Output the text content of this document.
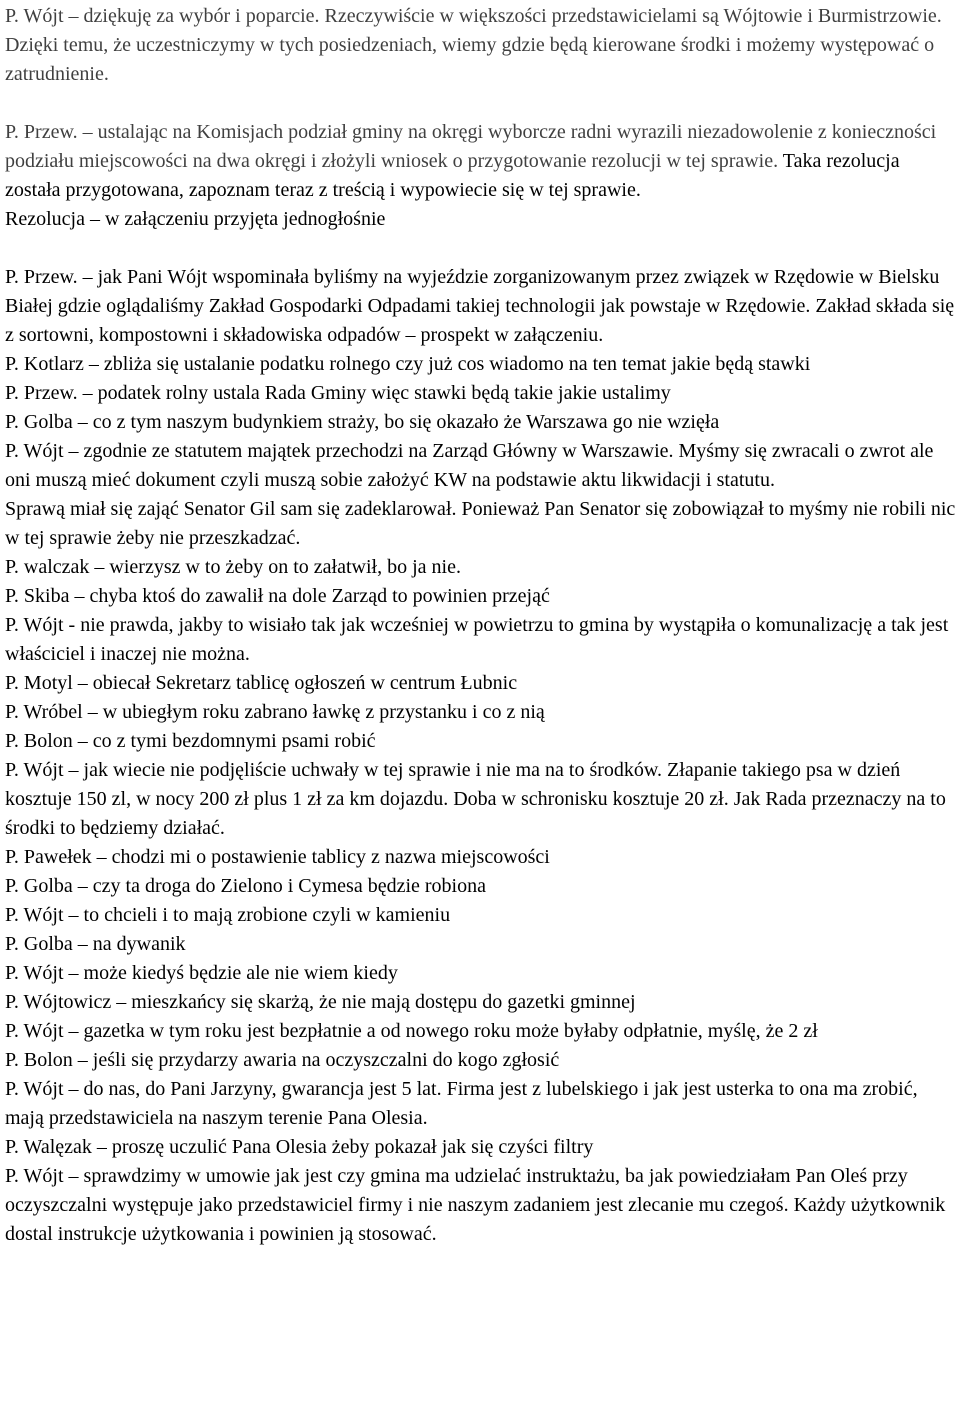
P. Wójt – dziękuję za wybór i poparcie. Rzeczywiście w większości przedstawicielami są Wójtowie i Burmistrzowie. Dzięki temu, że uczestniczymy w tych posiedzeniach, wiemy gdzie będą kierowane środki i możemy występować o zatrudnienie.

P. Przew. – ustalając na Komisjach podział gminy na okręgi wyborcze radni wyrazili niezadowolenie z konieczności podziału miejscowości na dwa okręgi i złożyli wniosek o przygotowanie rezolucji w tej sprawie. Taka rezolucja została przygotowana, zapoznam teraz z treścią i wypowiecie się w tej sprawie.

Rezolucja – w załączeniu przyjęta jednogłośnie

P. Przew. – jak Pani Wójt wspominała byliśmy na wyjeździe zorganizowanym przez związek w Rzędowie w Bielsku Białej gdzie oglądaliśmy Zakład Gospodarki Odpadami takiej technologii jak powstaje w Rzędowie. Zakład składa się z sortowni, kompostowni i składowiska odpadów – prospekt w załączeniu.

P. Kotlarz – zbliża się ustalanie podatku rolnego czy już cos wiadomo na ten temat jakie będą stawki

P. Przew. – podatek rolny ustala Rada Gminy więc stawki będą takie jakie ustalimy

P. Golba – co z tym naszym budynkiem straży, bo się okazało że Warszawa go nie wzięła

P. Wójt – zgodnie ze statutem majątek przechodzi na Zarząd Główny w Warszawie. Myśmy się zwracali o zwrot ale oni muszą mieć dokument czyli muszą sobie założyć KW na podstawie aktu likwidacji i statutu.

Sprawą miał się zająć Senator Gil sam się zadeklarował. Ponieważ Pan Senator się zobowiązał to myśmy nie robili nic w tej sprawie żeby nie przeszkadzać.

P. walczak – wierzysz w to żeby on to załatwił, bo ja nie.

P. Skiba – chyba ktoś do zawalił na dole Zarząd to powinien przejąć

P. Wójt - nie prawda, jakby to wisiało tak jak wcześniej w powietrzu to gmina by wystąpiła o komunalizację a tak jest właściciel i inaczej nie można.

P. Motyl – obiecał Sekretarz tablicę ogłoszeń w centrum Łubnic

P. Wróbel – w ubiegłym roku zabrano ławkę z przystanku i co z nią

P. Bolon – co z tymi bezdomnymi psami robić

P. Wójt – jak wiecie nie podjęliście uchwały w tej sprawie i nie ma na to środków. Złapanie takiego psa w dzień kosztuje 150 zl, w nocy 200 zł plus 1 zł za km dojazdu. Doba w schronisku kosztuje 20 zł. Jak Rada przeznaczy na to środki to będziemy działać.

P. Pawełek – chodzi mi o postawienie tablicy z nazwa miejscowości

P. Golba – czy ta droga do Zielono i Cymesa będzie robiona

P. Wójt – to chcieli i to mają zrobione czyli w kamieniu

P. Golba – na dywanik

P. Wójt – może kiedyś będzie ale nie wiem kiedy

P. Wójtowicz – mieszkańcy się skarżą, że nie mają dostępu do gazetki gminnej

P. Wójt – gazetka w tym roku jest bezpłatnie a od nowego roku może byłaby odpłatnie, myślę, że 2 zł

P. Bolon – jeśli się przydarzy awaria na oczyszczalni do kogo zgłosić

P. Wójt – do nas, do Pani Jarzyny, gwarancja jest 5 lat. Firma jest z lubelskiego i jak jest usterka to ona ma zrobić, mają przedstawiciela na naszym terenie Pana Olesia.

P. Walęzak – proszę uczulić Pana Olesia żeby pokazał jak się czyści filtry

P. Wójt – sprawdzimy w umowie jak jest czy gmina ma udzielać instruktażu, ba jak powiedziałam Pan Oleś przy oczyszczalni występuje jako przedstawiciel firmy i nie naszym zadaniem jest zlecanie mu czegoś. Każdy użytkownik dostal instrukcje użytkowania i powinien ją stosować.
